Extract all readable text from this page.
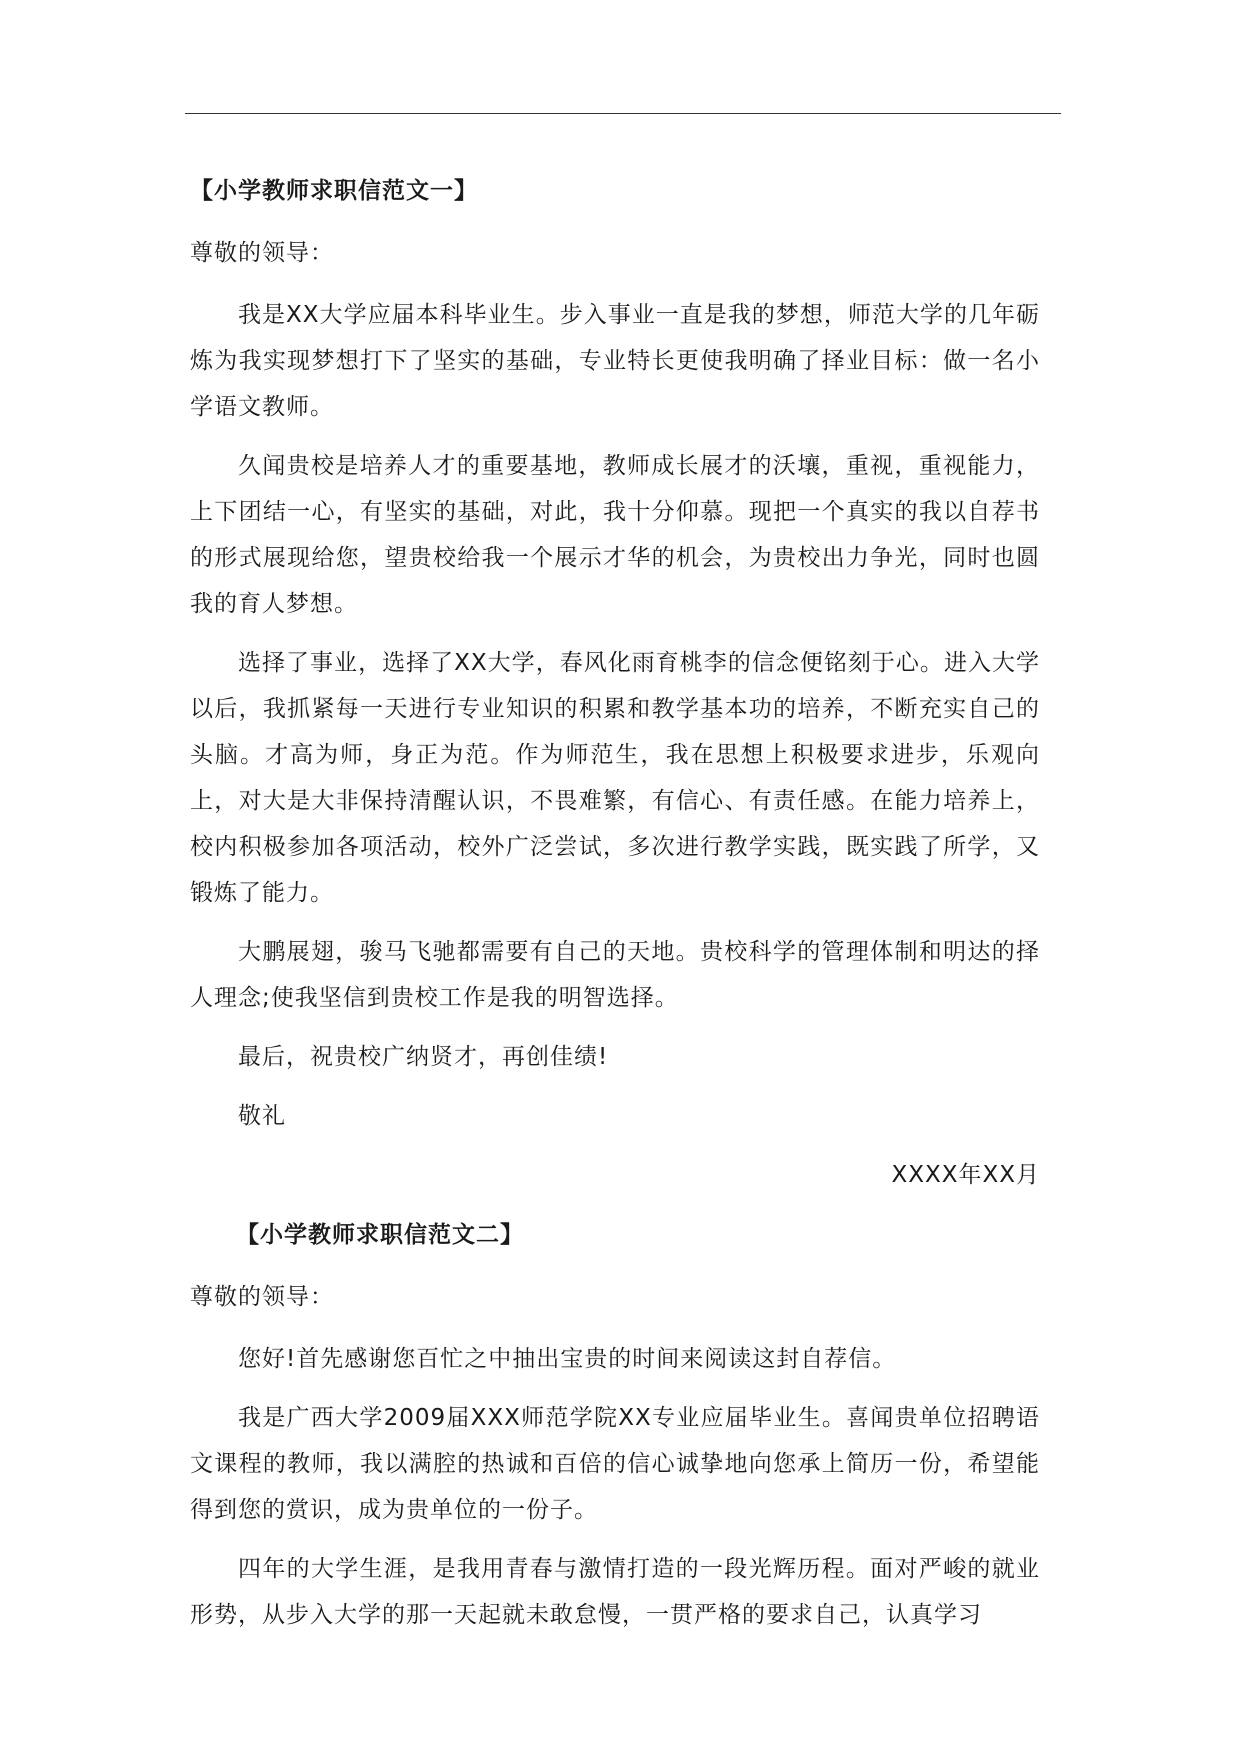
【小学教师求职信范文一】

尊敬的领导：

我是XX大学应届本科毕业生。步入事业一直是我的梦想，师范大学的几年砺炼为我实现梦想打下了坚实的基础，专业特长更使我明确了择业目标：做一名小学语文教师。

久闻贵校是培养人才的重要基地，教师成长展才的沃壤，重视，重视能力，上下团结一心，有坚实的基础，对此，我十分仰慕。现把一个真实的我以自荐书的形式展现给您，望贵校给我一个展示才华的机会，为贵校出力争光，同时也圆我的育人梦想。

选择了事业，选择了XX大学，春风化雨育桃李的信念便铭刻于心。进入大学以后，我抓紧每一天进行专业知识的积累和教学基本功的培养，不断充实自己的头脑。才高为师，身正为范。作为师范生，我在思想上积极要求进步，乐观向上，对大是大非保持清醒认识，不畏难繁，有信心、有责任感。在能力培养上，校内积极参加各项活动，校外广泛尝试，多次进行教学实践，既实践了所学，又锻炼了能力。

大鹏展翅，骏马飞驰都需要有自己的天地。贵校科学的管理体制和明达的择人理念;使我坚信到贵校工作是我的明智选择。

最后，祝贵校广纳贤才，再创佳绩!

敬礼

XXXX年XX月

【小学教师求职信范文二】

尊敬的领导：

您好!首先感谢您百忙之中抽出宝贵的时间来阅读这封自荐信。

我是广西大学2009届XXX师范学院XX专业应届毕业生。喜闻贵单位招聘语文课程的教师，我以满腔的热诚和百倍的信心诚挚地向您承上简历一份，希望能得到您的赏识，成为贵单位的一份子。

四年的大学生涯，是我用青春与激情打造的一段光辉历程。面对严峻的就业形势，从步入大学的那一天起就未敢怠慢，一贯严格的要求自己，认真学习
